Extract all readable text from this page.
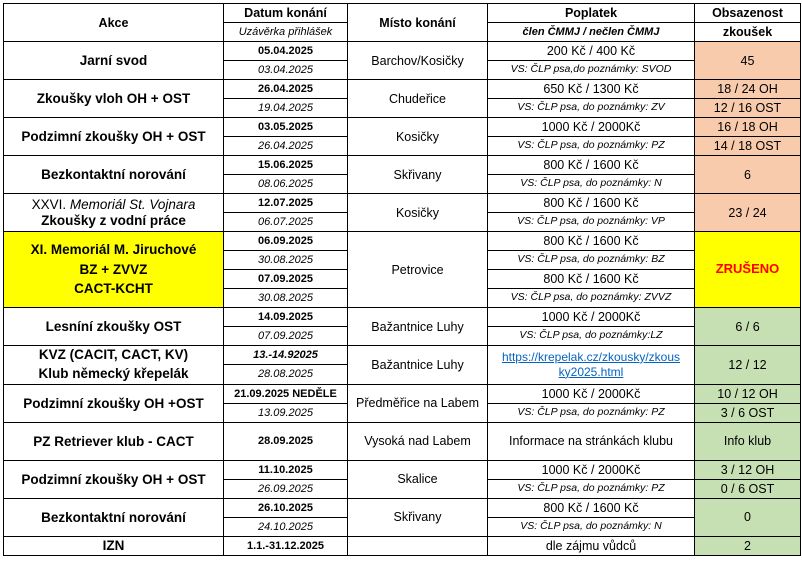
Akce	Datum konání	Místo konání	Poplatek	Obsazenost
	Uzávěrka přihlášek		člen ČMMJ / nečlen ČMMJ	zkoušek
Jarní svod	05.04.2025	Barchov/Kosičky	200 Kč / 400 Kč	45
	03.04.2025		VS: ČLP psa,do poznámky: SVOD	
Zkoušky vloh OH + OST	26.04.2025	Chudeřice	650 Kč / 1300 Kč	18 / 24 OH
	19.04.2025		VS: ČLP psa, do poznámky: ZV	12 / 16 OST
Podzimní zkoušky OH + OST	03.05.2025	Kosičky	1000 Kč / 2000Kč	16 / 18 OH
	26.04.2025		VS: ČLP psa, do poznámky: PZ	14 / 18 OST
Bezkontaktní norování	15.06.2025	Skřivany	800 Kč / 1600 Kč	6
	08.06.2025		VS: ČLP psa, do poznámky: N	

XXVI. Memoriál St. Vojnara
Zkoušky z vodní práce	12.07.2025	Kosičky	800 Kč / 1600 Kč	23 / 24
	06.07.2025		VS: ČLP psa, do poznámky: VP	

XI. Memoriál M. Jiruchové
BZ + ZVVZ
CACT-KCHT	06.09.2025	Petrovice	800 Kč / 1600 Kč	ZRUŠENO
	30.08.2025		VS: ČLP psa, do poznámky: BZ	
	07.09.2025		800 Kč / 1600 Kč	
	30.08.2025		VS: ČLP psa, do poznámky: ZVVZ	
Lesníní zkoušky OST	14.09.2025	Bažantnice Luhy	1000 Kč / 2000Kč	6 / 6
	07.09.2025		VS: ČLP psa, do poznámky:LZ	

KVZ (CACIT, CACT, KV)
Klub německý křepelák	13.-14.92025	Bažantnice Luhy	https://krepelak.cz/zkousky/zkous
ky2025.html	12 / 12
	28.08.2025			
Podzimní zkoušky OH +OST	21.09.2025 NEDĚLE	Předměřice na Labem	1000 Kč / 2000Kč	10 / 12 OH
	13.09.2025		VS: ČLP psa, do poznámky: PZ	3 / 6 OST
PZ Retriever klub - CACT	28.09.2025	Vysoká nad Labem	Informace na stránkách klubu	Info klub
Podzimní zkoušky OH + OST	11.10.2025	Skalice	1000 Kč / 2000Kč	3 / 12 OH
	26.09.2025		VS: ČLP psa, do poznámky: PZ	0 / 6 OST
Bezkontaktní norování	26.10.2025	Skřivany	800 Kč / 1600 Kč	0
	24.10.2025		VS: ČLP psa, do poznámky: N	
IZN	1.1.-31.12.2025		dle zájmu vůdců	2
